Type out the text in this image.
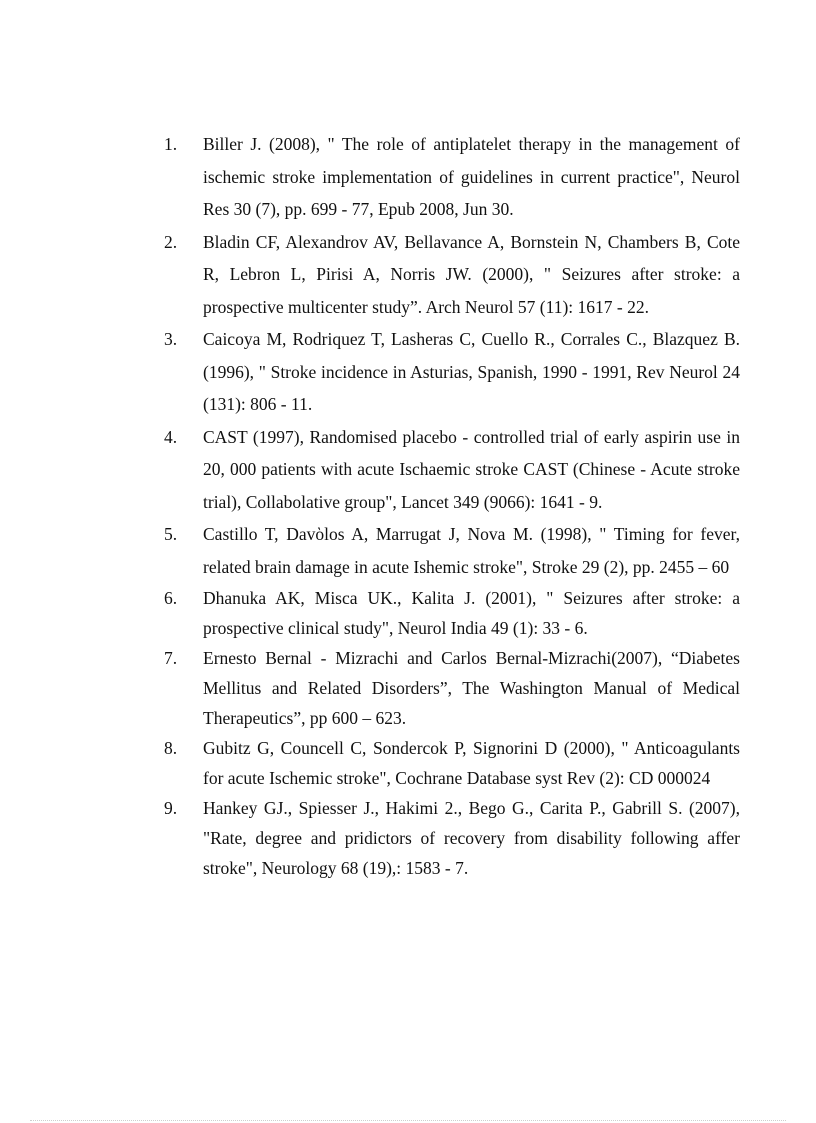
1.	Biller J. (2008), " The role of antiplatelet therapy in the management of ischemic stroke implementation of guidelines in current practice", Neurol Res 30 (7), pp. 699 - 77, Epub 2008, Jun 30.
2.	Bladin CF, Alexandrov AV, Bellavance A, Bornstein N, Chambers B, Cote R, Lebron L, Pirisi A, Norris JW. (2000), " Seizures after stroke: a prospective multicenter study”. Arch Neurol 57 (11): 1617 - 22.
3.	Caicoya M, Rodriquez T, Lasheras C, Cuello R., Corrales C., Blazquez B. (1996), " Stroke incidence in Asturias, Spanish, 1990 - 1991, Rev Neurol 24 (131): 806 - 11.
4.	CAST (1997), Randomised placebo - controlled trial of early aspirin use in 20, 000 patients with acute Ischaemic stroke CAST (Chinese - Acute stroke trial), Collabolative group", Lancet 349 (9066): 1641 - 9.
5.	Castillo T, Davὸlos A, Marrugat J, Nova M. (1998), " Timing for fever, related brain damage in acute Ishemic stroke", Stroke 29 (2), pp. 2455 – 60
6.	Dhanuka AK, Misca UK., Kalita J. (2001), " Seizures after stroke: a prospective clinical study", Neurol India 49 (1): 33 - 6.
7.	Ernesto Bernal - Mizrachi and Carlos Bernal-Mizrachi(2007), “Diabetes Mellitus and Related Disorders”, The Washington Manual of Medical Therapeutics”, pp 600 – 623.
8.	Gubitz G, Councell C, Sondercok P, Signorini D (2000), " Anticoagulants for acute Ischemic stroke", Cochrane Database syst Rev (2): CD 000024
9.	Hankey GJ., Spiesser J., Hakimi 2., Bego G., Carita P., Gabrill S. (2007), "Rate, degree and pridictors of recovery from disability following affer stroke", Neurology 68 (19),: 1583 - 7.
